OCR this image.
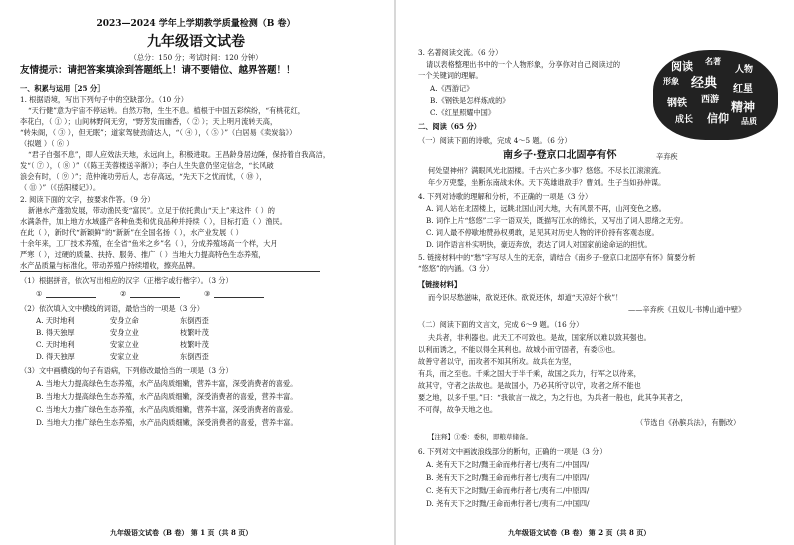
2023—2024 学年上学期教学质量检测（B 卷）
九年级语文试卷
（总分：150 分；考试时间：120 分钟）
友情提示：请把答案填涂到答题纸上！请不要错位、越界答题！！
一、积累与运用［25 分］
1. 根据语境，写出下列句子中的空缺部分。（10 分）
“天行健”意为宇宙不停运转。自然万物，生生不息。植根于中国五彩缤纷，“有桃花红，
李花白，（ ① ）；山间林野间无穷，“野芳发而幽香，（ ② ）；天上明月流转天高，
“转朱阁，（ ③ ），但无眠”；道家驾驶劲清达人，“（ ④ ），（ ⑤ ）”（白居易《卖炭翁》）
（拟题 ）（ ⑥ ）
“君子自强不息”，即人应效法天地，永远向上，积极进取。王昌龄身居边陲，保持着自我高洁，
发“（ ⑦ ），（ ⑧ ）”（《陈王芙蓉楼送辛渐》）；李白人生失意仍坚定信念，“长风破
浪会有时，（ ⑨ ）”；范仲淹功劳后人，志存高远，“先天下之忧而忧，（ ⑩ ），
（ ⑪ ）”（《岳阳楼记》）。
2. 阅读下面的文字，按要求作答。（9 分）
新港水产蓬勃发展，带动渔民变“富民”。立足于依托黄山“天上”来这件（ ）的
水满条件，加上地方水域盛产各种鱼类和优良品种并持续（ ），目标打造（ ）渔民。
在此（ ），新时代“新颖鲜”的“新新”在全国名扬（ ），水产业发展（ ）
十余年来，工厂技术养殖，在全省“鱼米之乡”名（ ），分成养殖场高一个样，大月
严寒（ ），过硬的质量、扶持、服务、推广（ ）当地大力提高特色生态养殖，
水产品质量与标准化，带动养殖户持续增收，擦亮品牌。
（1）根据拼音，依次写出相应的汉字（正楷字或行楷字）。（3 分）
①	②	③
（2）依次填入文中横线的词语，最恰当的一项是（3 分）
A. 天时地利	安身立命	东倒西歪
B. 得天独厚	安身立业	枝繁叶茂
C. 天时地利	安家立业	枝繁叶茂
D. 得天独厚	安家立业	东倒西歪
（3）文中画横线的句子有语病，下列修改最恰当的一项是（3 分）
A. 当地大力提高绿色生态养殖，水产品肉质细嫩，营养丰富，深受消费者的喜爱。
B. 当地大力提高绿色生态养殖，水产品肉质细嫩，深受消费者的喜爱，营养丰富。
C. 当地大力推广绿色生态养殖，水产品肉质细嫩，营养丰富，深受消费者的喜爱。
D. 当地大力推广绿色生态养殖，水产品肉质细嫩，深受消费者的喜爱，营养丰富。
九年级语文试卷（B 卷） 第 1 页（共 8 页）
3. 名著阅读交流。（6 分）
请以表格整理出书中的一个人物形象，分享你对自己阅读过的
一个关键词的理解。
A.《西游记》
B.《钢铁是怎样炼成的》
C.《红星照耀中国》
阅读 名著
人物
形象 经典 红星
钢铁 西游 精神
成长 信仰 品质
二、阅读（65 分）
（一）阅读下面的诗歌，完成 4～5 题。（6 分）
南乡子·登京口北固亭有怀	辛弃疾
何处望神州？满眼风光北固楼。千古兴亡多少事？悠悠。不尽长江滚滚流。
年少万兜鍪，坐断东南战未休。天下英雄谁敌手？曹刘。生子当如孙仲谋。
4. 下列对诗歌的理解和分析，不正确的一项是（3 分）
A. 词人站在北固楼上，远眺北国山河大地，大有风景不再，山河变色之感。
B. 词作上片“悠悠”二字一语双关，既描写江水的绵长，又写出了词人思绪之无穷。
C. 词人最不停歇地赞孙权勇敢，足见其对历史人物的评价持有客观态度。
D. 词作语言朴实明快，豪迈奔放，表达了词人对国家前途命运的担忧。
5. 链接材料中的“愁”字写尽人生的无奈，请结合《南乡子·登京口北固亭有怀》简要分析
“悠悠”的内涵。（3 分）
【链接材料】
而今识尽愁滋味，欲说还休。欲说还休，却道“天凉好个秋”！
——辛弃疾《丑奴儿·书博山道中壁》
（二）阅读下面的文言文，完成 6～9 题。（16 分）
夫兵者，非利器也。此天工不可致也。是故，国家所以难以致其强也。
以利而诱之，不能以得全其利也。故城小而守固者，有委⑤也。
故善守者以守，而攻者不知其所攻。故兵在为坚，
有兵，而之至也。千乘之国大于半千乘，故国之兵力，行军之以待来，
故其守，守者之法故也。是故国小，乃必其所守以守，攻者之所不能也
要之地，以多千里。”曰：“我欲言一战之，为之行也，为兵者一般也，此其争其者之，
不可得，故争天地之也。
（节选自《孙膑兵法》，有删改）
【注释】①委：委积，即粮草储备。
6. 下列对文中画波浪线部分的断句，正确的一项是（3 分）
A. 尧有天下之时/黜王命而弗行者七/夷有二/中国四/
B. 尧有天下之时/黜王命而弗行者七/夷有二/中原四/
C. 尧有天下之时黜/王命而弗行者七/夷有二/中原四/
D. 尧有天下之时黜/王命而弗行者七/夷有二/中国四/
九年级语文试卷（B 卷） 第 2 页（共 8 页）
